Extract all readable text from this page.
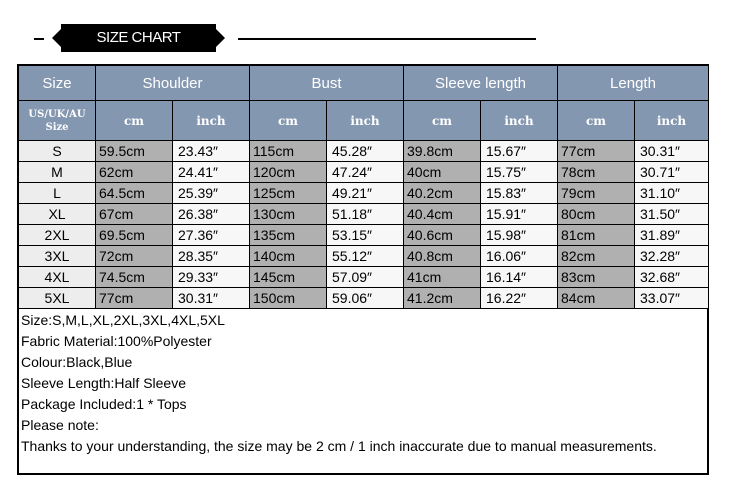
SIZE CHART
Size	Shoulder		Bust		Sleeve length		Length	
US/UK/AU Size	cm	inch	cm	inch	cm	inch	cm	inch
S	59.5cm	23.43″	115cm	45.28″	39.8cm	15.67″	77cm	30.31″
M	62cm	24.41″	120cm	47.24″	40cm	15.75″	78cm	30.71″
L	64.5cm	25.39″	125cm	49.21″	40.2cm	15.83″	79cm	31.10″
XL	67cm	26.38″	130cm	51.18″	40.4cm	15.91″	80cm	31.50″
2XL	69.5cm	27.36″	135cm	53.15″	40.6cm	15.98″	81cm	31.89″
3XL	72cm	28.35″	140cm	55.12″	40.8cm	16.06″	82cm	32.28″
4XL	74.5cm	29.33″	145cm	57.09″	41cm	16.14″	83cm	32.68″
5XL	77cm	30.31″	150cm	59.06″	41.2cm	16.22″	84cm	33.07″
Size:S,M,L,XL,2XL,3XL,4XL,5XL
Fabric Material:100%Polyester
Colour:Black,Blue
Sleeve Length:Half Sleeve
Package Included:1 * Tops
Please note:
Thanks to your understanding, the size may be 2 cm / 1 inch inaccurate due to manual measurements.
